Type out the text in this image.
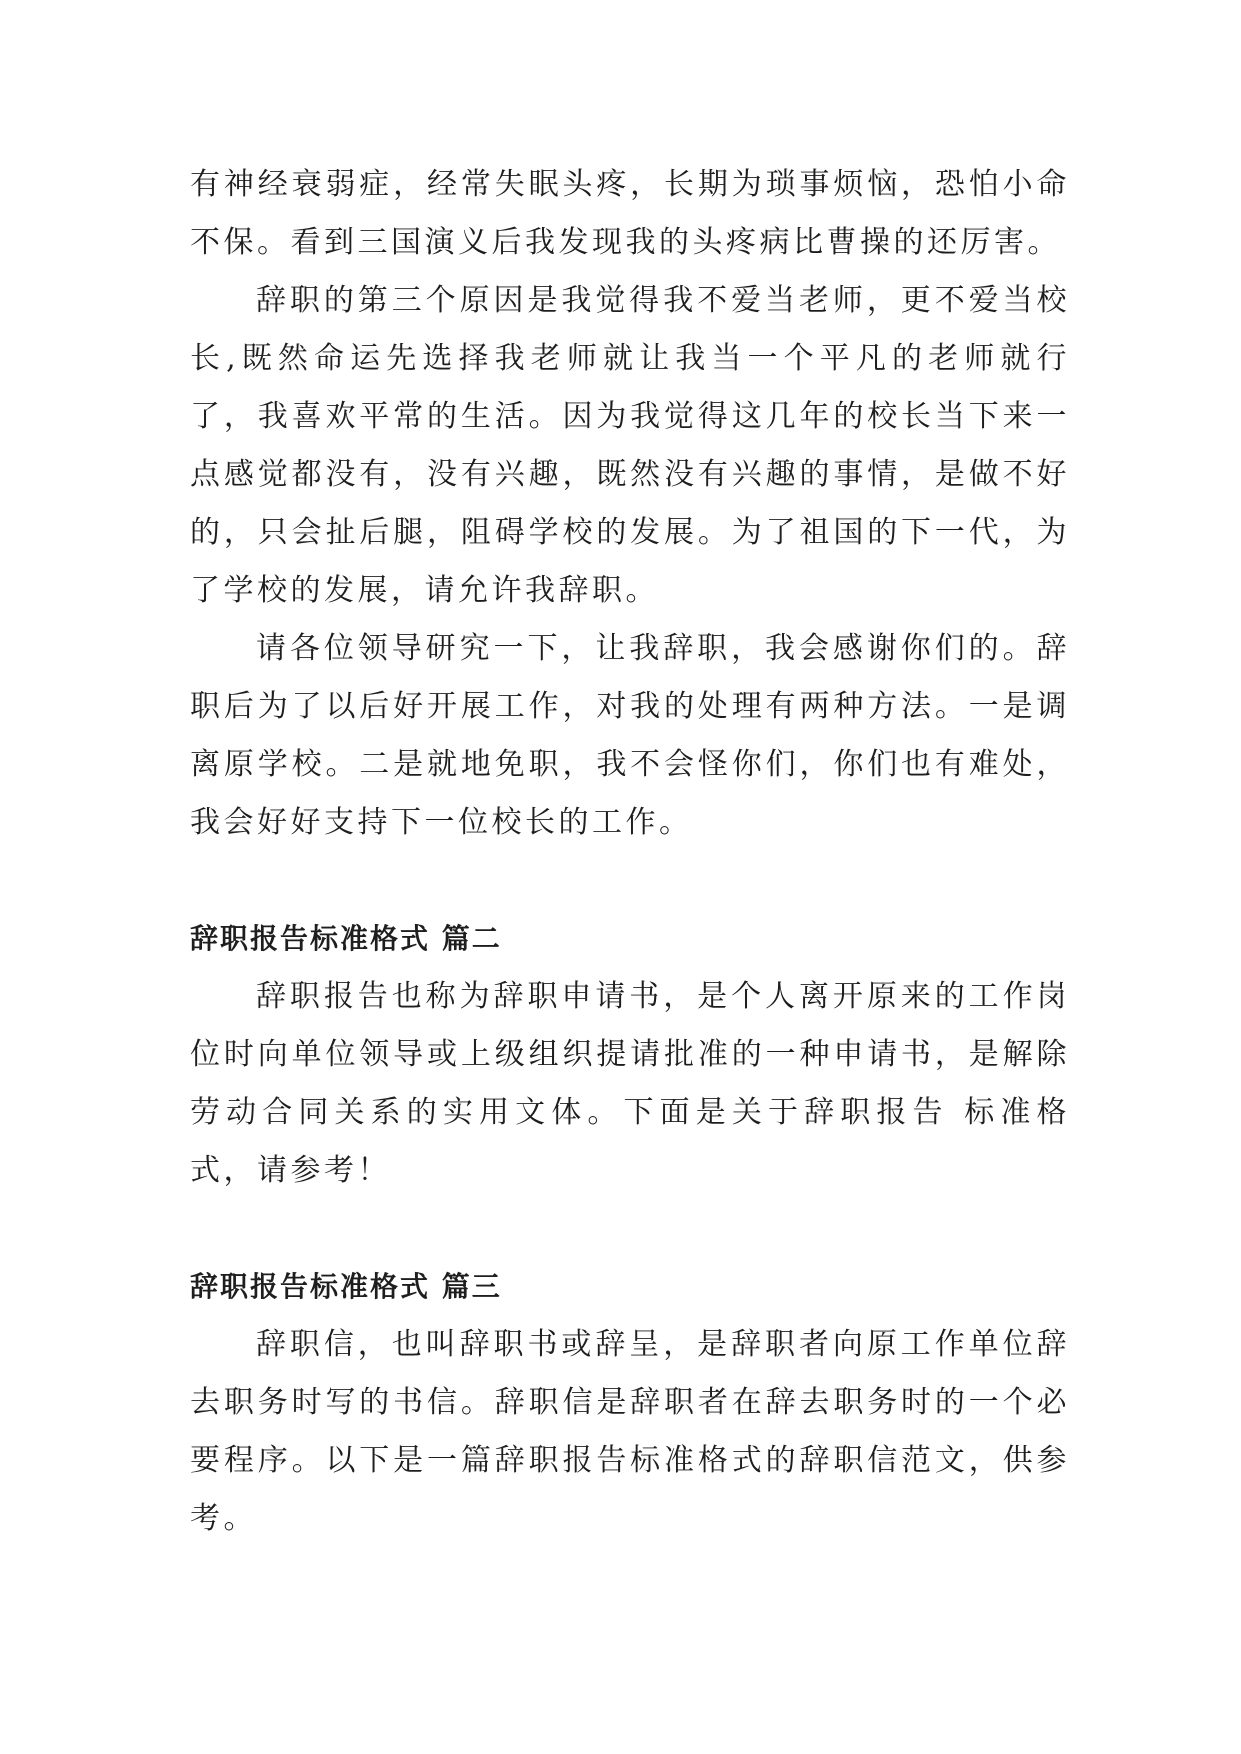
有神经衰弱症，经常失眠头疼，长期为琐事烦恼，恐怕小命不保。看到三国演义后我发现我的头疼病比曹操的还厉害。

辞职的第三个原因是我觉得我不爱当老师，更不爱当校长,既然命运先选择我老师就让我当一个平凡的老师就行了，我喜欢平常的生活。因为我觉得这几年的校长当下来一点感觉都没有，没有兴趣，既然没有兴趣的事情，是做不好的，只会扯后腿，阻碍学校的发展。为了祖国的下一代，为了学校的发展，请允许我辞职。

请各位领导研究一下，让我辞职，我会感谢你们的。辞职后为了以后好开展工作，对我的处理有两种方法。一是调离原学校。二是就地免职，我不会怪你们，你们也有难处，我会好好支持下一位校长的工作。

辞职报告标准格式 篇二

辞职报告也称为辞职申请书，是个人离开原来的工作岗位时向单位领导或上级组织提请批准的一种申请书，是解除劳动合同关系的实用文体。下面是关于辞职报告 标准格式，请参考！

辞职报告标准格式 篇三

辞职信，也叫辞职书或辞呈，是辞职者向原工作单位辞去职务时写的书信。辞职信是辞职者在辞去职务时的一个必要程序。以下是一篇辞职报告标准格式的辞职信范文，供参考。
